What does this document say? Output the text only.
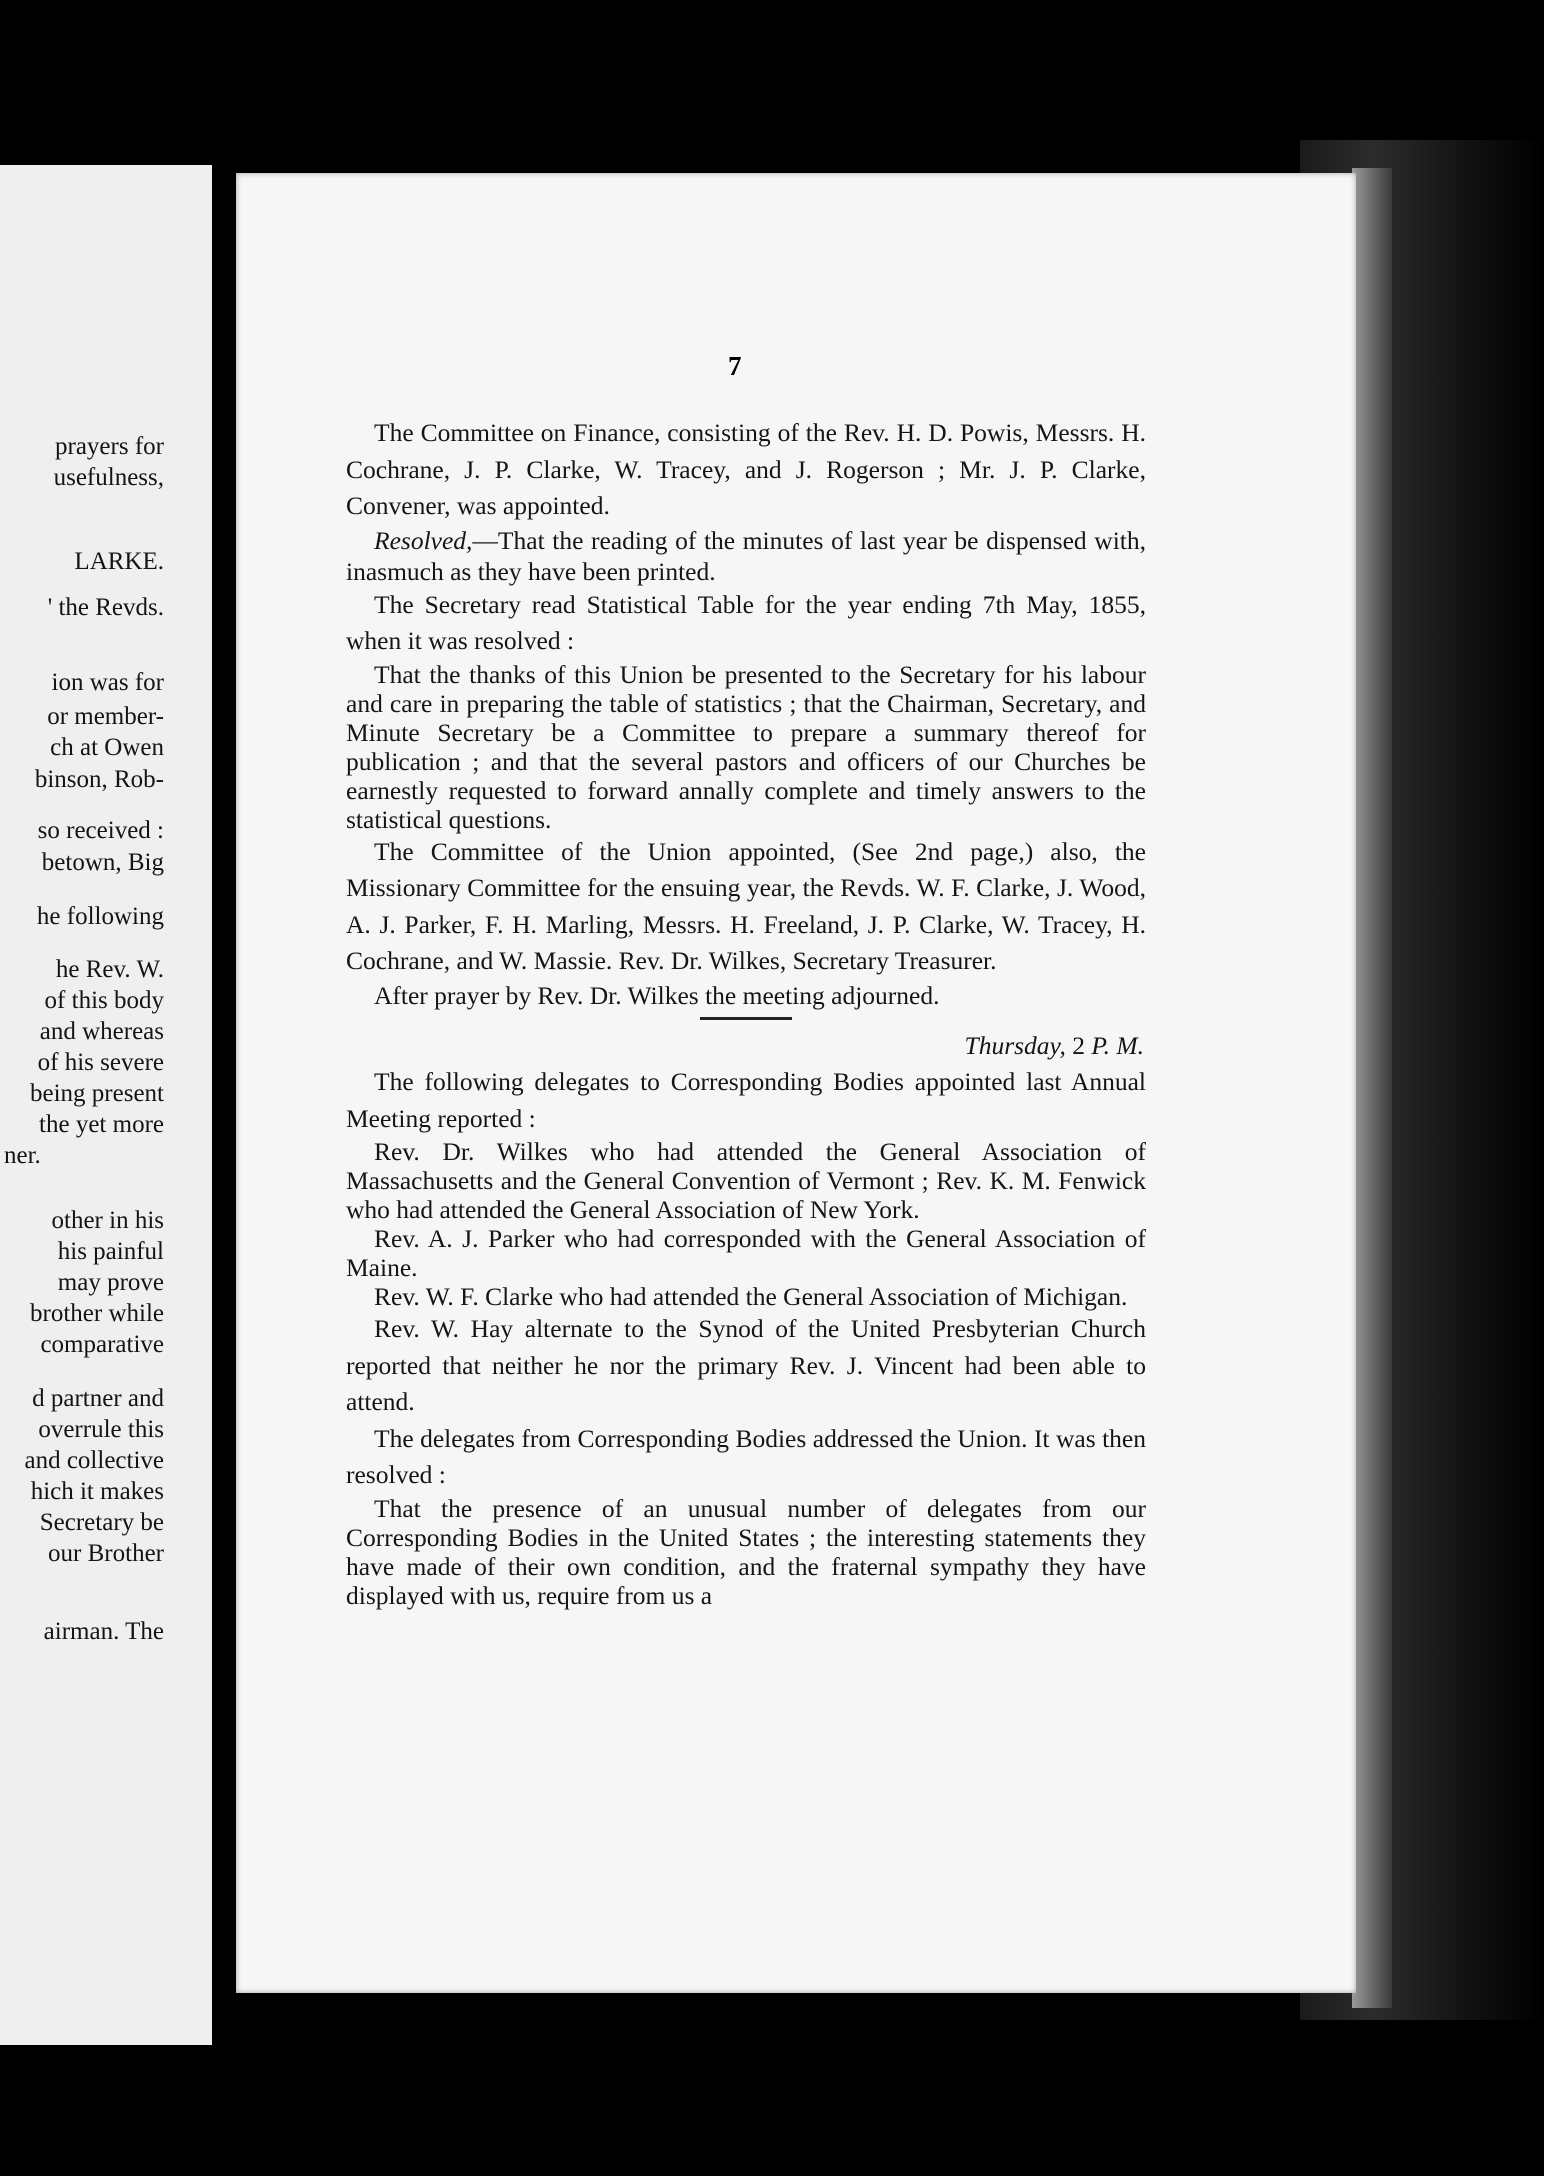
prayers for
usefulness,
LARKE.
' the Revds.
ion was for
or member-
ch at Owen
binson, Rob-
so received :
betown, Big
he following
he Rev. W.
of this body
and whereas
of his severe
being present
the yet more
ner.
other in his
his painful
may prove
brother while
comparative
d partner and
overrule this
and collective
hich it makes
Secretary be
our Brother
airman. The
7

The Committee on Finance, consisting of the Rev. H. D. Powis, Messrs. H. Cochrane, J. P. Clarke, W. Tracey, and J. Rogerson ; Mr. J. P. Clarke, Convener, was appointed.

Resolved,—That the reading of the minutes of last year be dispensed with, inasmuch as they have been printed.

The Secretary read Statistical Table for the year ending 7th May, 1855, when it was resolved :

That the thanks of this Union be presented to the Secretary for his labour and care in preparing the table of statistics ; that the Chairman, Secretary, and Minute Secretary be a Committee to prepare a summary thereof for publication ; and that the several pastors and officers of our Churches be earnestly requested to forward annally complete and timely answers to the statistical questions.

The Committee of the Union appointed, (See 2nd page,) also, the Missionary Committee for the ensuing year, the Revds. W. F. Clarke, J. Wood, A. J. Parker, F. H. Marling, Messrs. H. Freeland, J. P. Clarke, W. Tracey, H. Cochrane, and W. Massie. Rev. Dr. Wilkes, Secretary Treasurer.

After prayer by Rev. Dr. Wilkes the meeting adjourned.

Thursday, 2 P. M.

The following delegates to Corresponding Bodies appointed last Annual Meeting reported :

Rev. Dr. Wilkes who had attended the General Association of Massachusetts and the General Convention of Vermont ; Rev. K. M. Fenwick who had attended the General Association of New York.

Rev. A. J. Parker who had corresponded with the General Association of Maine.

Rev. W. F. Clarke who had attended the General Association of Michigan.

Rev. W. Hay alternate to the Synod of the United Presbyterian Church reported that neither he nor the primary Rev. J. Vincent had been able to attend.

The delegates from Corresponding Bodies addressed the Union. It was then resolved :

That the presence of an unusual number of delegates from our Corresponding Bodies in the United States ; the interesting statements they have made of their own condition, and the fraternal sympathy they have displayed with us, require from us a
